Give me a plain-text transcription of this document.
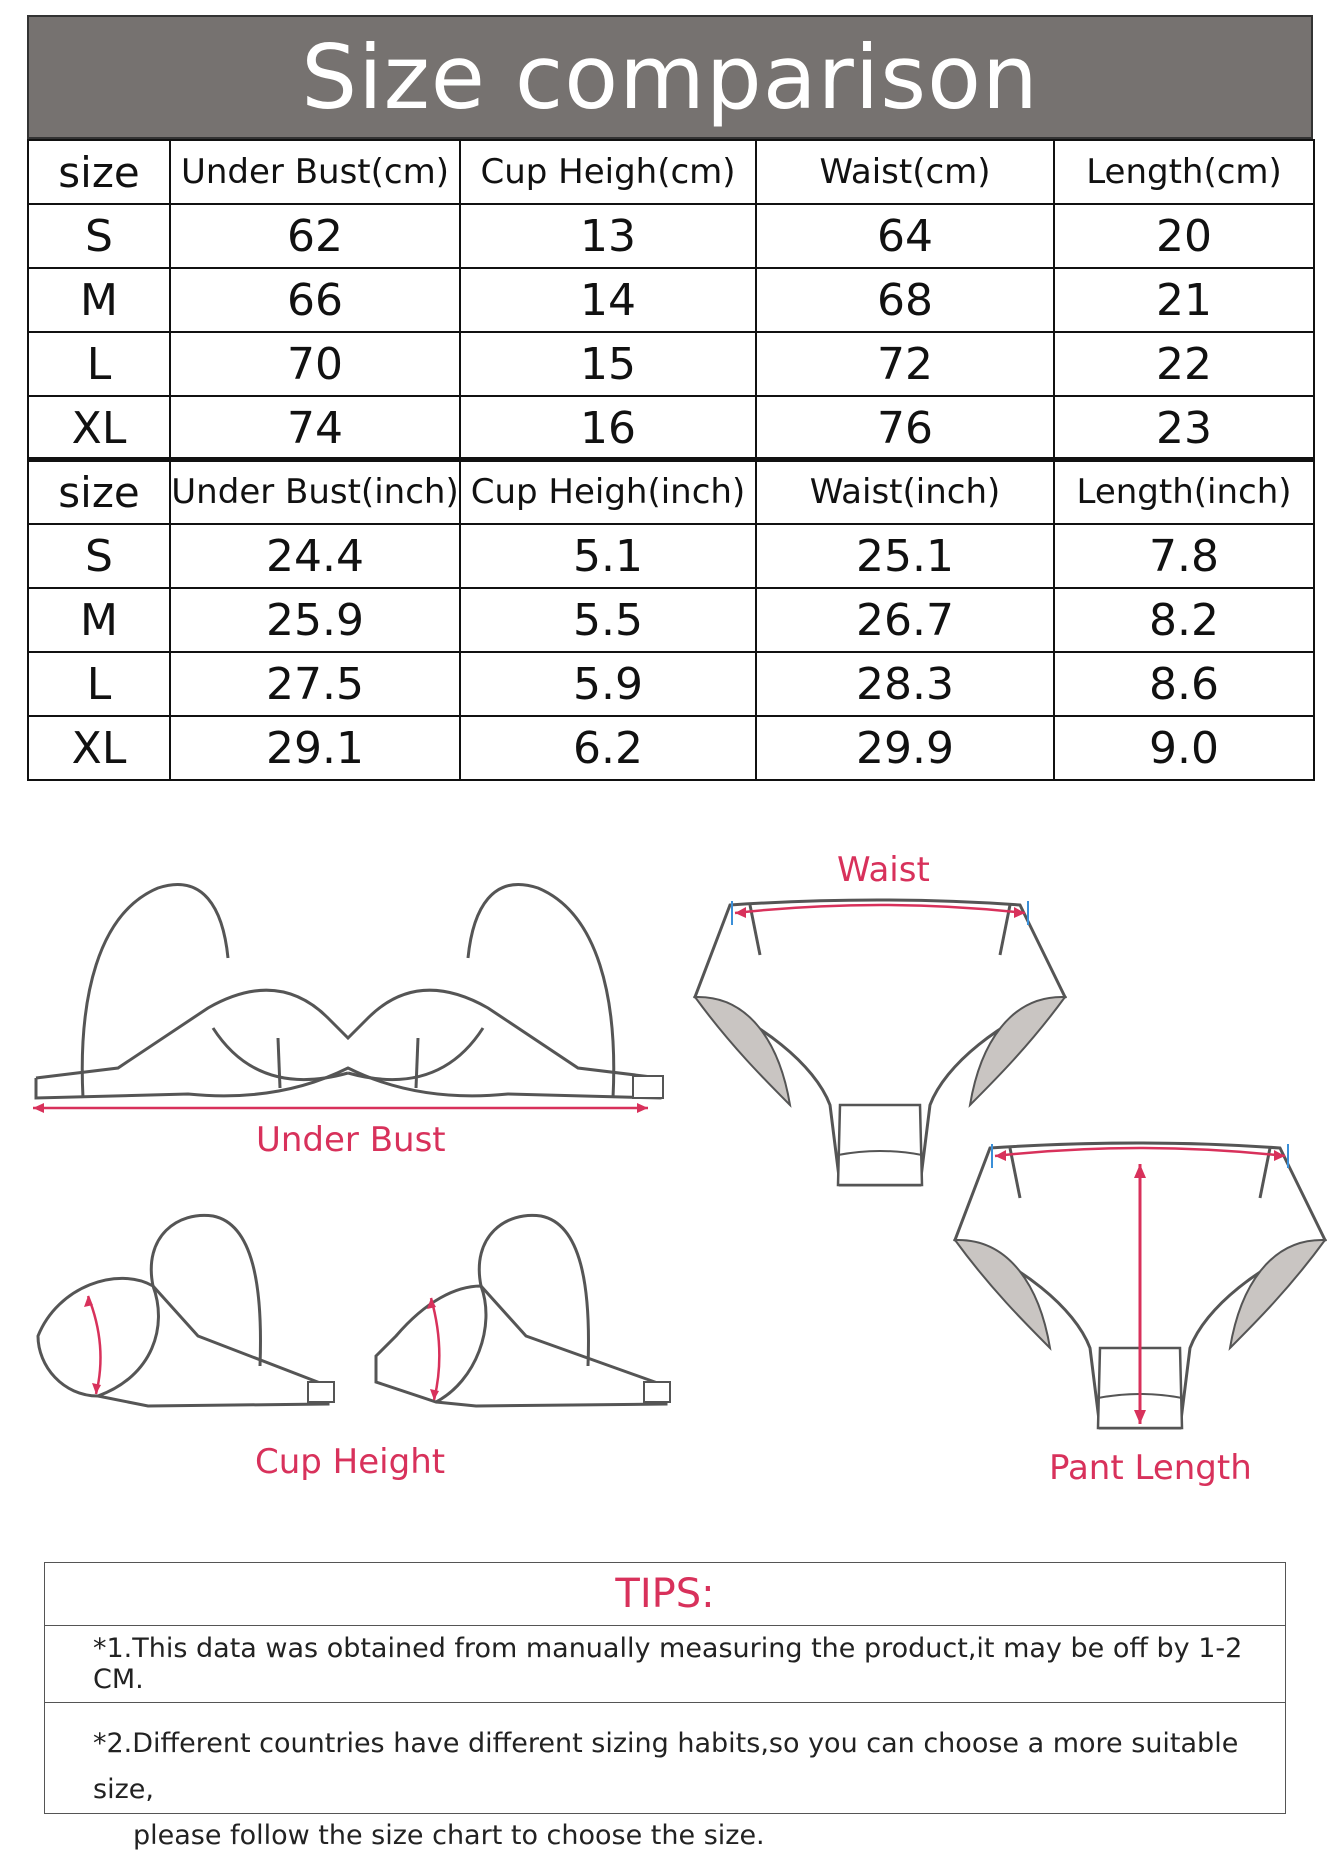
Size comparison
size	Under Bust(cm)	Cup Heigh(cm)	Waist(cm)	Length(cm)
S	62	13	64	20
M	66	14	68	21
L	70	15	72	22
XL	74	16	76	23
size	Under Bust(inch)	Cup Heigh(inch)	Waist(inch)	Length(inch)
S	24.4	5.1	25.1	7.8
M	25.9	5.5	26.7	8.2
L	27.5	5.9	28.3	8.6
XL	29.1	6.2	29.9	9.0
Under Bust
Cup Height
Waist
Pant Length
TIPS:
*1.This data was obtained from manually measuring the product,it may be off by 1-2 CM.
*2.Different countries have different sizing habits,so you can choose a more suitable size,
please follow the size chart to choose the size.
